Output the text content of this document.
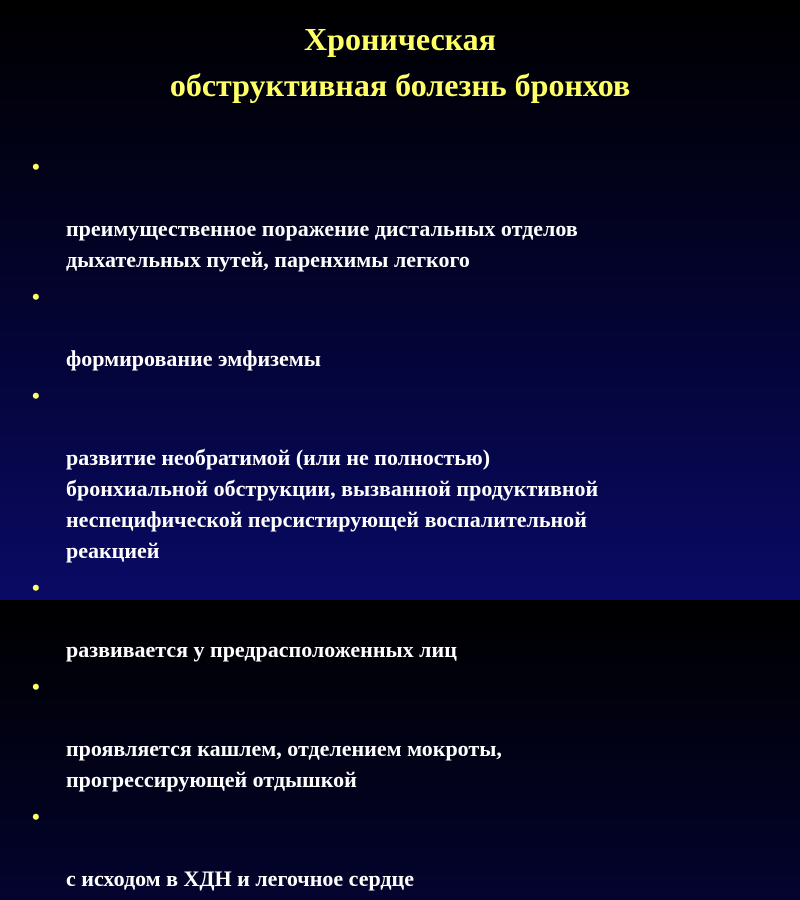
Хроническая
обструктивная болезнь бронхов

•

преимущественное поражение дистальных отделов
дыхательных путей, паренхимы легкого

•

формирование эмфиземы

•

развитие необратимой (или не полностью)
бронхиальной обструкции, вызванной продуктивной
неспецифической персистирующей воспалительной
реакцией

•

развивается у предрасположенных лиц

•

проявляется кашлем, отделением мокроты,
прогрессирующей отдышкой

•

с исходом в ХДН и легочное сердце
